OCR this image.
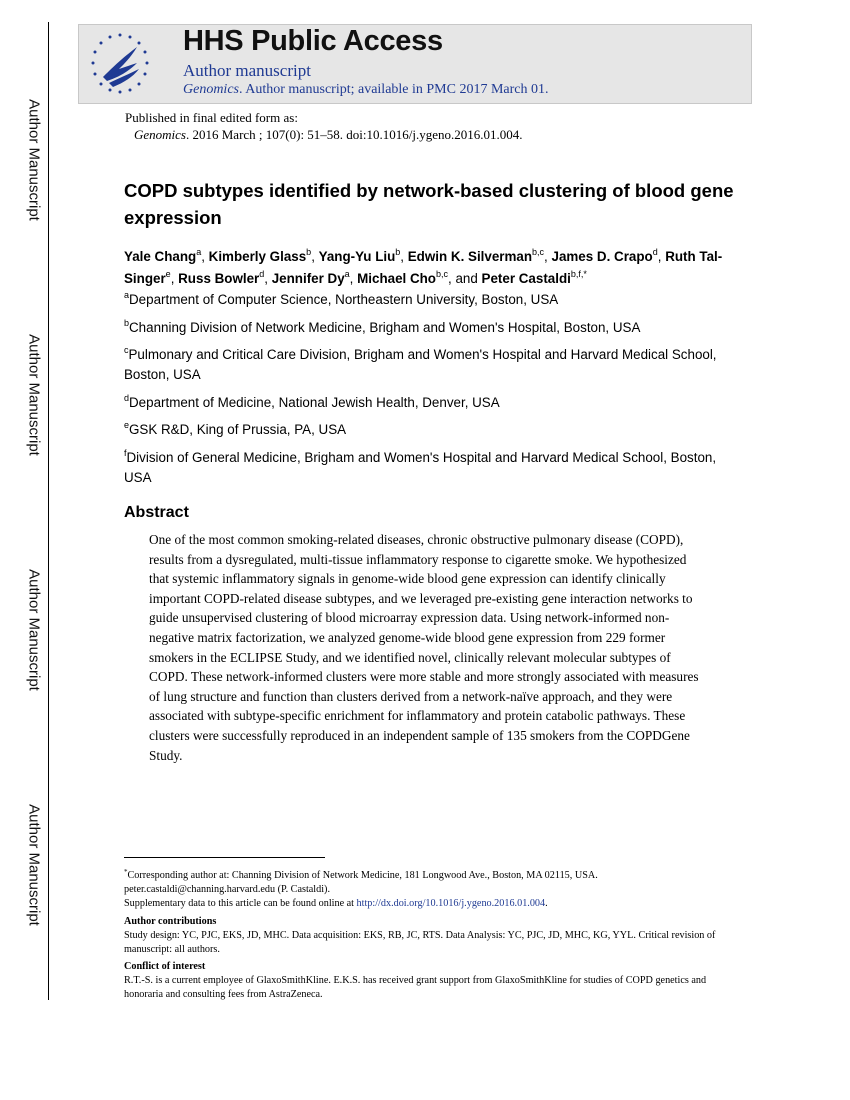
Author Manuscript
Author Manuscript
Author Manuscript
Author Manuscript
HHS Public Access
Author manuscript
Genomics. Author manuscript; available in PMC 2017 March 01.
Published in final edited form as:
Genomics. 2016 March ; 107(0): 51–58. doi:10.1016/j.ygeno.2016.01.004.
COPD subtypes identified by network-based clustering of blood gene expression
Yale Chang$^a$, Kimberly Glass$^b$, Yang-Yu Liu$^b$, Edwin K. Silverman$^{b,c}$, James D. Crapo$^d$, Ruth Tal-Singer$^e$, Russ Bowler$^d$, Jennifer Dy$^a$, Michael Cho$^{b,c}$, and Peter Castaldi$^{b,f,*}$
$^a$Department of Computer Science, Northeastern University, Boston, USA
$^b$Channing Division of Network Medicine, Brigham and Women's Hospital, Boston, USA
$^c$Pulmonary and Critical Care Division, Brigham and Women's Hospital and Harvard Medical School, Boston, USA
$^d$Department of Medicine, National Jewish Health, Denver, USA
$^e$GSK R&D, King of Prussia, PA, USA
$^f$Division of General Medicine, Brigham and Women's Hospital and Harvard Medical School, Boston, USA
Abstract
One of the most common smoking-related diseases, chronic obstructive pulmonary disease (COPD), results from a dysregulated, multi-tissue inflammatory response to cigarette smoke. We hypothesized that systemic inflammatory signals in genome-wide blood gene expression can identify clinically important COPD-related disease subtypes, and we leveraged pre-existing gene interaction networks to guide unsupervised clustering of blood microarray expression data. Using network-informed non-negative matrix factorization, we analyzed genome-wide blood gene expression from 229 former smokers in the ECLIPSE Study, and we identified novel, clinically relevant molecular subtypes of COPD. These network-informed clusters were more stable and more strongly associated with measures of lung structure and function than clusters derived from a network-naïve approach, and they were associated with subtype-specific enrichment for inflammatory and protein catabolic pathways. These clusters were successfully reproduced in an independent sample of 135 smokers from the COPDGene Study.
*Corresponding author at: Channing Division of Network Medicine, 181 Longwood Ave., Boston, MA 02115, USA. peter.castaldi@channing.harvard.edu (P. Castaldi).
Supplementary data to this article can be found online at http://dx.doi.org/10.1016/j.ygeno.2016.01.004.
Author contributions
Study design: YC, PJC, EKS, JD, MHC. Data acquisition: EKS, RB, JC, RTS. Data Analysis: YC, PJC, JD, MHC, KG, YYL. Critical revision of manuscript: all authors.
Conflict of interest
R.T.-S. is a current employee of GlaxoSmithKline. E.K.S. has received grant support from GlaxoSmithKline for studies of COPD genetics and honoraria and consulting fees from AstraZeneca.
